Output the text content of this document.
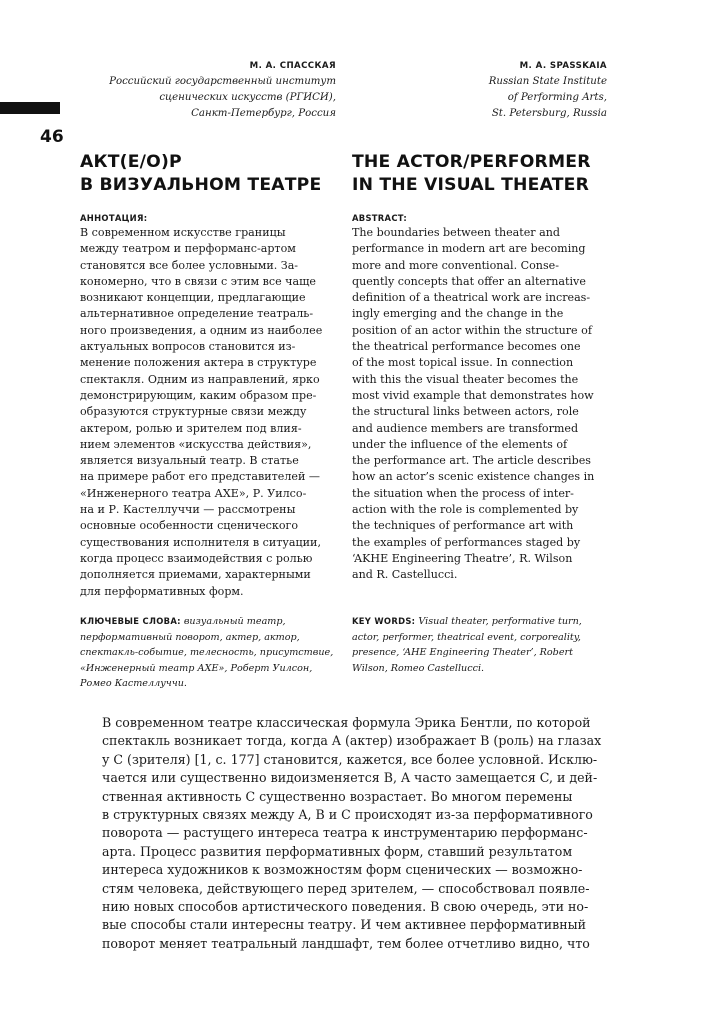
46
М. А. СПАССКАЯ
Российский государственный институт
сценических искусств (РГИСИ),
Санкт-Петербург, Россия
M. A. SPASSKAIA
Russian State Institute
of Performing Arts,
St. Petersburg, Russia
АКТ(Е/О)Р
В ВИЗУАЛЬНОМ ТЕАТРЕ
АННОТАЦИЯ:
В современном искусстве границы
между театром и перформанс-артом
становятся все более условными. За-
кономерно, что в связи с этим все чаще
возникают концепции, предлагающие
альтернативное определение театраль-
ного произведения, а одним из наиболее
актуальных вопросов становится из-
менение положения актера в структуре
спектакля. Одним из направлений, ярко
демонстрирующим, каким образом пре-
образуются структурные связи между
актером, ролью и зрителем под влия-
нием элементов «искусства действия»,
является визуальный театр. В статье
на примере работ его представителей —
«Инженерного театра АХЕ», Р. Уилсо-
на и Р. Кастеллуччи — рассмотрены
основные особенности сценического
существования исполнителя в ситуации,
когда процесс взаимодействия с ролью
дополняется приемами, характерными
для перформативных форм.
THE ACTOR/PERFORMER
IN THE VISUAL THEATER
ABSTRACT:
The boundaries between theater and
performance in modern art are becoming
more and more conventional. Conse-
quently concepts that offer an alternative
definition of a theatrical work are increas-
ingly emerging and the change in the
position of an actor within the structure of
the theatrical performance becomes one
of the most topical issue. In connection
with this the visual theater becomes the
most vivid example that demonstrates how
the structural links between actors, role
and audience members are transformed
under the influence of the elements of
the performance art. The article describes
how an actor’s scenic existence changes in
the situation when the process of inter-
action with the role is complemented by
the techniques of performance art with
the examples of performances staged by
‘AKHE Engineering Theatre’, R. Wilson
and R. Castellucci.
КЛЮЧЕВЫЕ СЛОВА: визуальный театр,
перформативный поворот, актер, актор,
спектакль-событие, телесность, присутствие,
«Инженерный театр АХЕ», Роберт Уилсон,
Ромео Кастеллуччи.
KEY WORDS: Visual theater, performative turn,
actor, performer, theatrical event, corporeality,
presence, ‘AHE Engineering Theater’, Robert
Wilson, Romeo Castellucci.
В современном театре классическая формула Эрика Бентли, по которой
спектакль возникает тогда, когда A (актер) изображает B (роль) на глазах
у C (зрителя) [1, с. 177] становится, кажется, все более условной. Исклю-
чается или существенно видоизменяется B, A часто замещается C, и дей-
ственная активность C существенно возрастает. Во многом перемены
в структурных связях между A, B и C происходят из-за перформативного
поворота — растущего интереса театра к инструментарию перформанс-
арта. Процесс развития перформативных форм, ставший результатом
интереса художников к возможностям форм сценических — возможно-
стям человека, действующего перед зрителем, — способствовал появле-
нию новых способов артистического поведения. В свою очередь, эти но-
вые способы стали интересны театру. И чем активнее перформативный
поворот меняет театральный ландшафт, тем более отчетливо видно, что
